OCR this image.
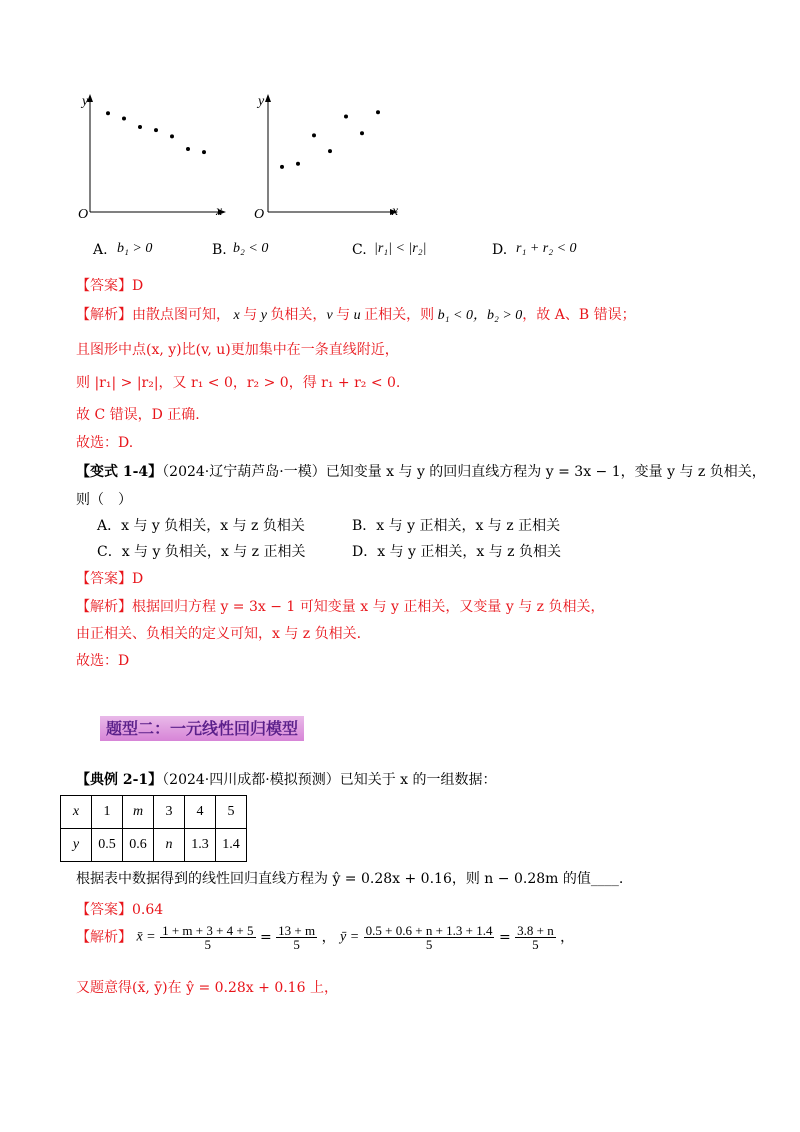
y
x
O
y
x
O
A. b₁ > 0	B. b₂ < 0	C. |r₁| < |r₂|	D. r₁ + r₂ < 0
【答案】D
【解析】由散点图可知， x 与 y 负相关，v 与 u 正相关，则 b₁ < 0，b₂ > 0，故 A、B 错误；
且图形中点(x, y)比(v, u)更加集中在一条直线附近，
则 |r₁| > |r₂|，又 r₁ < 0，r₂ > 0，得 r₁ + r₂ < 0.
故 C 错误，D 正确.
故选：D.
【变式 1-4】（2024·辽宁葫芦岛·一模）已知变量 x 与 y 的回归直线方程为 y = 3x − 1，变量 y 与 z 负相关，
则（　）
A．x 与 y 负相关，x 与 z 负相关	B．x 与 y 正相关，x 与 z 正相关
C．x 与 y 负相关，x 与 z 正相关	D．x 与 y 正相关，x 与 z 负相关
【答案】D
【解析】根据回归方程 y = 3x − 1 可知变量 x 与 y 正相关，又变量 y 与 z 负相关，
由正相关、负相关的定义可知，x 与 z 负相关.
故选：D
题型二：一元线性回归模型
【典例 2-1】（2024·四川成都·模拟预测）已知关于 x 的一组数据：
x	1	m	3	4	5
y	0.5	0.6	n	1.3	1.4
根据表中数据得到的线性回归直线方程为 ŷ = 0.28x + 0.16，则 n − 0.28m 的值____.
【答案】0.64
【解析】 x̄ = $\frac{1 + m + 3 + 4 + 5}{5} = \frac{13 + m}{5}$ ， ȳ = $\frac{0.5 + 0.6 + n + 1.3 + 1.4}{5} = \frac{3.8 + n}{5}$ ，
又题意得(x̄, ȳ)在 ŷ = 0.28x + 0.16 上，
